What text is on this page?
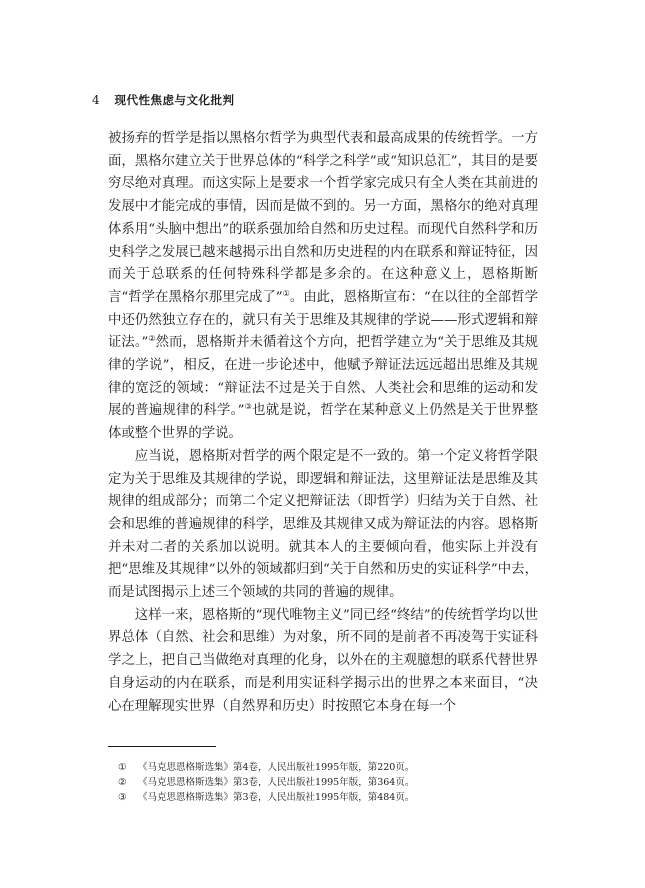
4 现代性焦虑与文化批判

被扬弃的哲学是指以黑格尔哲学为典型代表和最高成果的传统哲学。一方面，黑格尔建立关于世界总体的“科学之科学”或“知识总汇”，其目的是要穷尽绝对真理。而这实际上是要求一个哲学家完成只有全人类在其前进的发展中才能完成的事情，因而是做不到的。另一方面，黑格尔的绝对真理体系用“头脑中想出”的联系强加给自然和历史过程。而现代自然科学和历史科学之发展已越来越揭示出自然和历史进程的内在联系和辩证特征，因而关于总联系的任何特殊科学都是多余的。在这种意义上，恩格斯断言“哲学在黑格尔那里完成了”①。由此，恩格斯宣布：“在以往的全部哲学中还仍然独立存在的，就只有关于思维及其规律的学说——形式逻辑和辩证法。”②然而，恩格斯并未循着这个方向，把哲学建立为“关于思维及其规律的学说”，相反，在进一步论述中，他赋予辩证法远远超出思维及其规律的宽泛的领域：“辩证法不过是关于自然、人类社会和思维的运动和发展的普遍规律的科学。”③也就是说，哲学在某种意义上仍然是关于世界整体或整个世界的学说。

应当说，恩格斯对哲学的两个限定是不一致的。第一个定义将哲学限定为关于思维及其规律的学说，即逻辑和辩证法，这里辩证法是思维及其规律的组成部分；而第二个定义把辩证法（即哲学）归结为关于自然、社会和思维的普遍规律的科学，思维及其规律又成为辩证法的内容。恩格斯并未对二者的关系加以说明。就其本人的主要倾向看，他实际上并没有把“思维及其规律”以外的领域都归到“关于自然和历史的实证科学”中去，而是试图揭示上述三个领域的共同的普遍的规律。

这样一来，恩格斯的“现代唯物主义”同已经“终结”的传统哲学均以世界总体（自然、社会和思维）为对象，所不同的是前者不再凌驾于实证科学之上，把自己当做绝对真理的化身，以外在的主观臆想的联系代替世界自身运动的内在联系，而是利用实证科学揭示出的世界之本来面目，“决心在理解现实世界（自然界和历史）时按照它本身在每一个

① 《马克思恩格斯选集》第4卷，人民出版社1995年版，第220页。
② 《马克思恩格斯选集》第3卷，人民出版社1995年版，第364页。
③ 《马克思恩格斯选集》第3卷，人民出版社1995年版，第484页。
